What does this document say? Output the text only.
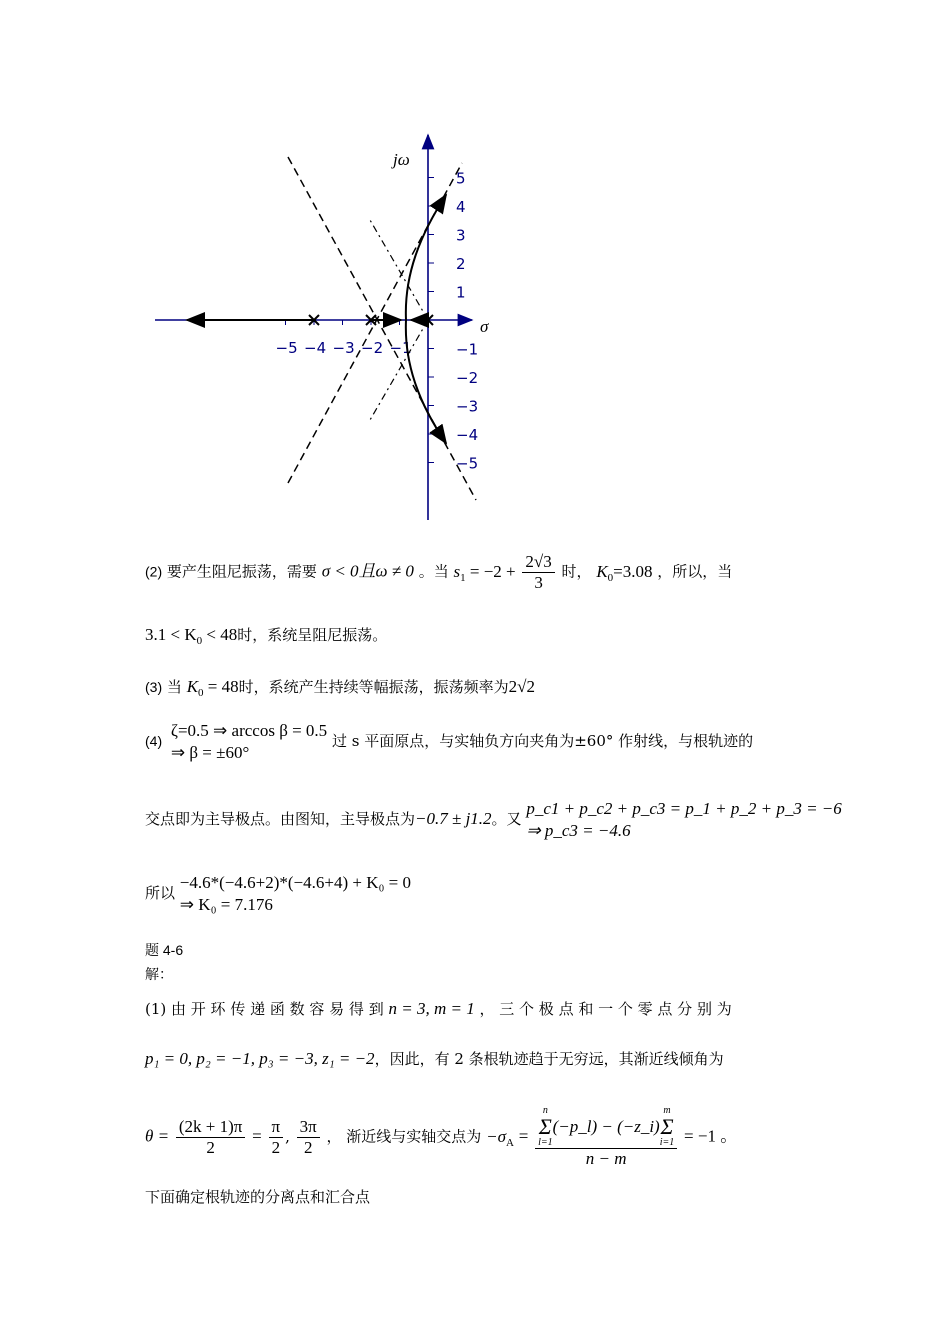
−5 −4 −3 −2 −1
5
4
3
2
1
−1
−2
−3
−4
−5
jω
σ
(2) 要产生阻尼振荡，需要 σ < 0且ω ≠ 0 。当 $s_1 = -2 + \frac{2√3}{3}$ 时， $K_0=3.08$ ，所以，当
$3.1 < K_0 < 48$时，系统呈阻尼振荡。
(3) 当 $K_0 = 48$时，系统产生持续等幅振荡，振荡频率为2√2
(4)
ζ=0.5 ⇒ arccos β = 0.5
⇒ β = ±60°
过 s 平面原点，与实轴负方向夹角为±60° 作射线，与根轨迹的
交点即为主导极点。由图知，主导极点为−0.7 ± j1.2。又
p_c1 + p_c2 + p_c3 = p_1 + p_2 + p_3 = −6
⇒ p_c3 = −4.6
所以
−4.6*(−4.6+2)*(−4.6+4) + K₀ = 0
⇒ K₀ = 7.176
题 4-6
解：
(1) 由 开 环 传 递 函 数 容 易 得 到 n = 3, m = 1 ， 三 个 极 点 和 一 个 零 点 分 别 为
p₁ = 0, p₂ = −1, p₃ = −3, z₁ = −2，因此，有 2 条根轨迹趋于无穷远，其渐近线倾角为
$\theta = \frac{(2k + 1)\pi}{2} = \frac{\pi}{2}$ , $\frac{3\pi}{2}$ ， 渐近线与实轴交点为 $-\sigma_A = n$
Σ
l=1
(−p_l) − (−z_i)
m
Σ
i=1
n − m = −1 。
下面确定根轨迹的分离点和汇合点
